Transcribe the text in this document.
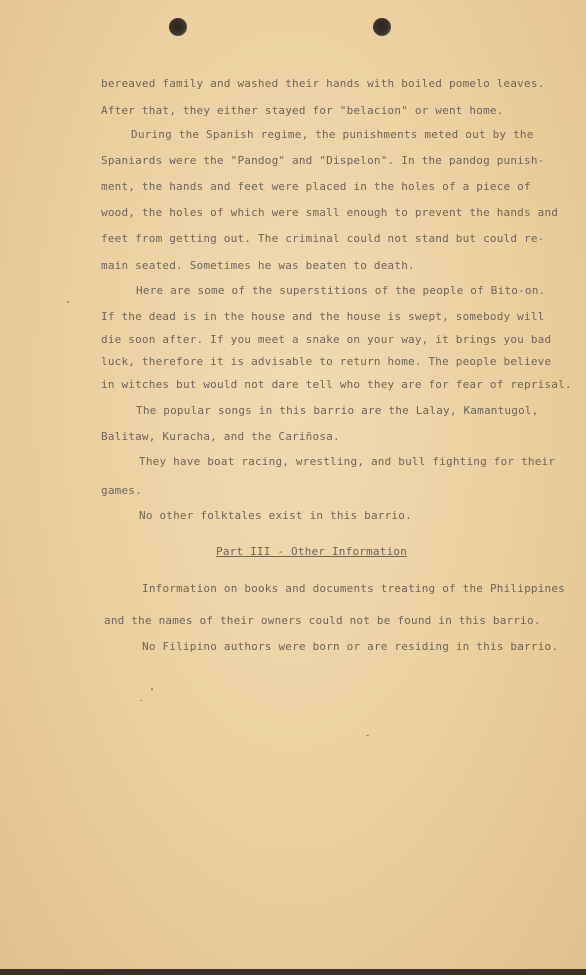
bereaved family and washed their hands with boiled pomelo leaves.
After that, they either stayed for "belacion" or went home.
During the Spanish regime, the punishments meted out by the
Spaniards were the "Pandog" and "Dispelon". In the pandog punish-
ment, the hands and feet were placed in the holes of a piece of
wood, the holes of which were small enough to prevent the hands and
feet from getting out. The criminal could not stand but could re-
main seated. Sometimes he was beaten to death.
Here are some of the superstitions of the people of Bito-on.
If the dead is in the house and the house is swept, somebody will
die soon after. If you meet a snake on your way, it brings you bad
luck, therefore it is advisable to return home. The people believe
in witches but would not dare tell who they are for fear of reprisal.
The popular songs in this barrio are the Lalay, Kamantugol,
Balitaw, Kuracha, and the Cariñosa.
They have boat racing, wrestling, and bull fighting for their
games.
No other folktales exist in this barrio.
Part III - Other Information
Information on books and documents treating of the Philippines
and the names of their owners could not be found in this barrio.
No Filipino authors were born or are residing in this barrio.
